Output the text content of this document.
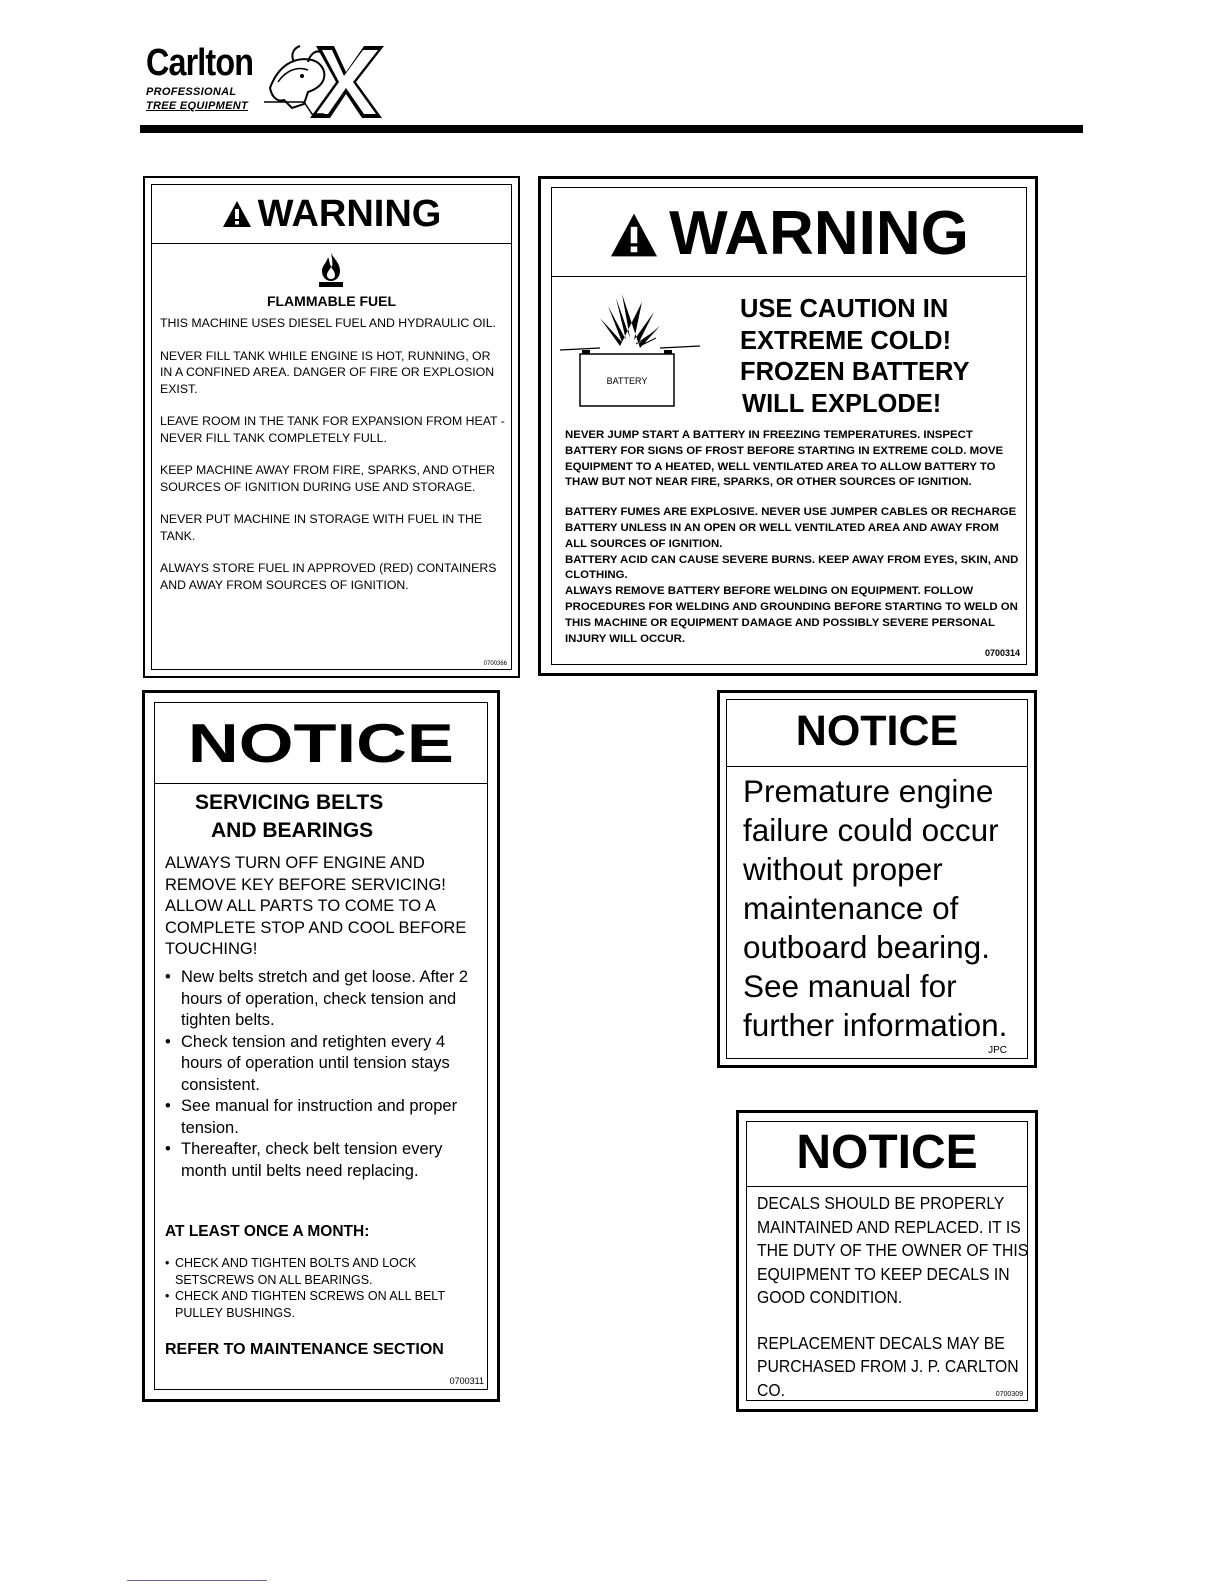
Carlton
PROFESSIONAL
TREE EQUIPMENT
WARNING
FLAMMABLE FUEL

THIS MACHINE USES DIESEL FUEL AND HYDRAULIC OIL.

NEVER FILL TANK WHILE ENGINE IS HOT, RUNNING, OR IN A CONFINED AREA. DANGER OF FIRE OR EXPLOSION EXIST.

LEAVE ROOM IN THE TANK FOR EXPANSION FROM HEAT - NEVER FILL TANK COMPLETELY FULL.

KEEP MACHINE AWAY FROM FIRE, SPARKS, AND OTHER SOURCES OF IGNITION DURING USE AND STORAGE.

NEVER PUT MACHINE IN STORAGE WITH FUEL IN THE TANK.

ALWAYS STORE FUEL IN APPROVED (RED) CONTAINERS AND AWAY FROM SOURCES OF IGNITION.

0700366
WARNING
BATTERY
USE CAUTION IN
EXTREME COLD!
FROZEN BATTERY
WILL EXPLODE!

NEVER JUMP START A BATTERY IN FREEZING TEMPERATURES. INSPECT BATTERY FOR SIGNS OF FROST BEFORE STARTING IN EXTREME COLD. MOVE EQUIPMENT TO A HEATED, WELL VENTILATED AREA TO ALLOW BATTERY TO THAW BUT NOT NEAR FIRE, SPARKS, OR OTHER SOURCES OF IGNITION.

BATTERY FUMES ARE EXPLOSIVE. NEVER USE JUMPER CABLES OR RECHARGE BATTERY UNLESS IN AN OPEN OR WELL VENTILATED AREA AND AWAY FROM ALL SOURCES OF IGNITION.

BATTERY ACID CAN CAUSE SEVERE BURNS. KEEP AWAY FROM EYES, SKIN, AND CLOTHING.

ALWAYS REMOVE BATTERY BEFORE WELDING ON EQUIPMENT. FOLLOW PROCEDURES FOR WELDING AND GROUNDING BEFORE STARTING TO WELD ON THIS MACHINE OR EQUIPMENT DAMAGE AND POSSIBLY SEVERE PERSONAL INJURY WILL OCCUR.

0700314
NOTICE
SERVICING BELTS
AND BEARINGS
ALWAYS TURN OFF ENGINE AND REMOVE KEY BEFORE SERVICING! ALLOW ALL PARTS TO COME TO A COMPLETE STOP AND COOL BEFORE TOUCHING!
• New belts stretch and get loose. After 2 hours of operation, check tension and tighten belts.
• Check tension and retighten every 4 hours of operation until tension stays consistent.
• See manual for instruction and proper tension.
• Thereafter, check belt tension every month until belts need replacing.
AT LEAST ONCE A MONTH:
• CHECK AND TIGHTEN BOLTS AND LOCK SETSCREWS ON ALL BEARINGS.
• CHECK AND TIGHTEN SCREWS ON ALL BELT PULLEY BUSHINGS.
REFER TO MAINTENANCE SECTION
0700311
NOTICE
Premature engine failure could occur without proper maintenance of outboard bearing. See manual for further information.
JPC
NOTICE

DECALS SHOULD BE PROPERLY MAINTAINED AND REPLACED. IT IS THE DUTY OF THE OWNER OF THIS EQUIPMENT TO KEEP DECALS IN GOOD CONDITION.

REPLACEMENT DECALS MAY BE PURCHASED FROM J. P. CARLTON CO.	0700309
